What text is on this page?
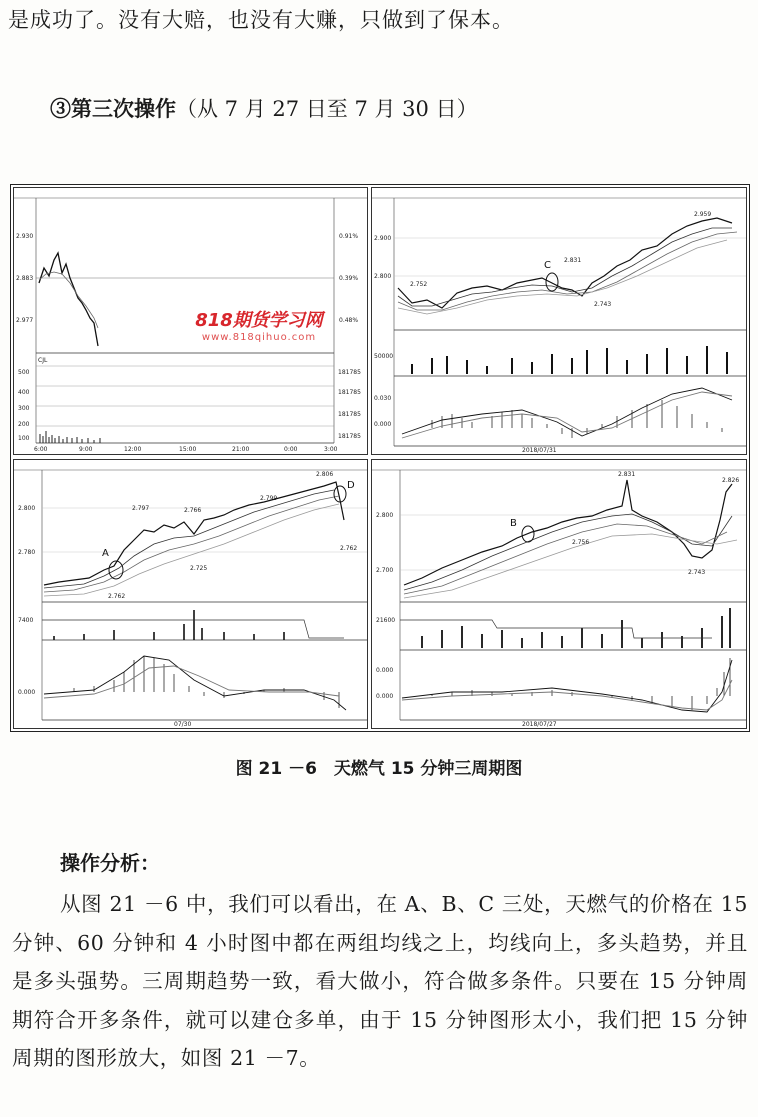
是成功了。没有大赔，也没有大赚，只做到了保本。
③第三次操作（从 7 月 27 日至 7 月 30 日）
2.930
2.883
2.977
0.91%
0.39%
0.48%
CJL
500
400
300
200
100
181785
181785
181785
181785
6:00	9:00	12:00	15:00	21:00	0:00	3:00
818期货学习网
www.818qihuo.com
C 2.831
2.752
2.743
2.959
2.900
2.800
50000
0.030
0.000
2018/07/31
A
D
2.797	2.766
2.799
2.806
2.725
2.762
2.762
2.800
2.780
7400
0.000
07/30
B
2.831
2.756
2.743
2.826
2.800
2.700
21600
0.000
0.000
2018/07/27
图 21 －6　天燃气 15 分钟三周期图
操作分析：
从图 21 －6 中，我们可以看出，在 A、B、C 三处，天燃气的价格在 15 分钟、60 分钟和 4 小时图中都在两组均线之上，均线向上，多头趋势，并且是多头强势。三周期趋势一致，看大做小，符合做多条件。只要在 15 分钟周期符合开多条件，就可以建仓多单，由于 15 分钟图形太小，我们把 15 分钟周期的图形放大，如图 21 －7。
